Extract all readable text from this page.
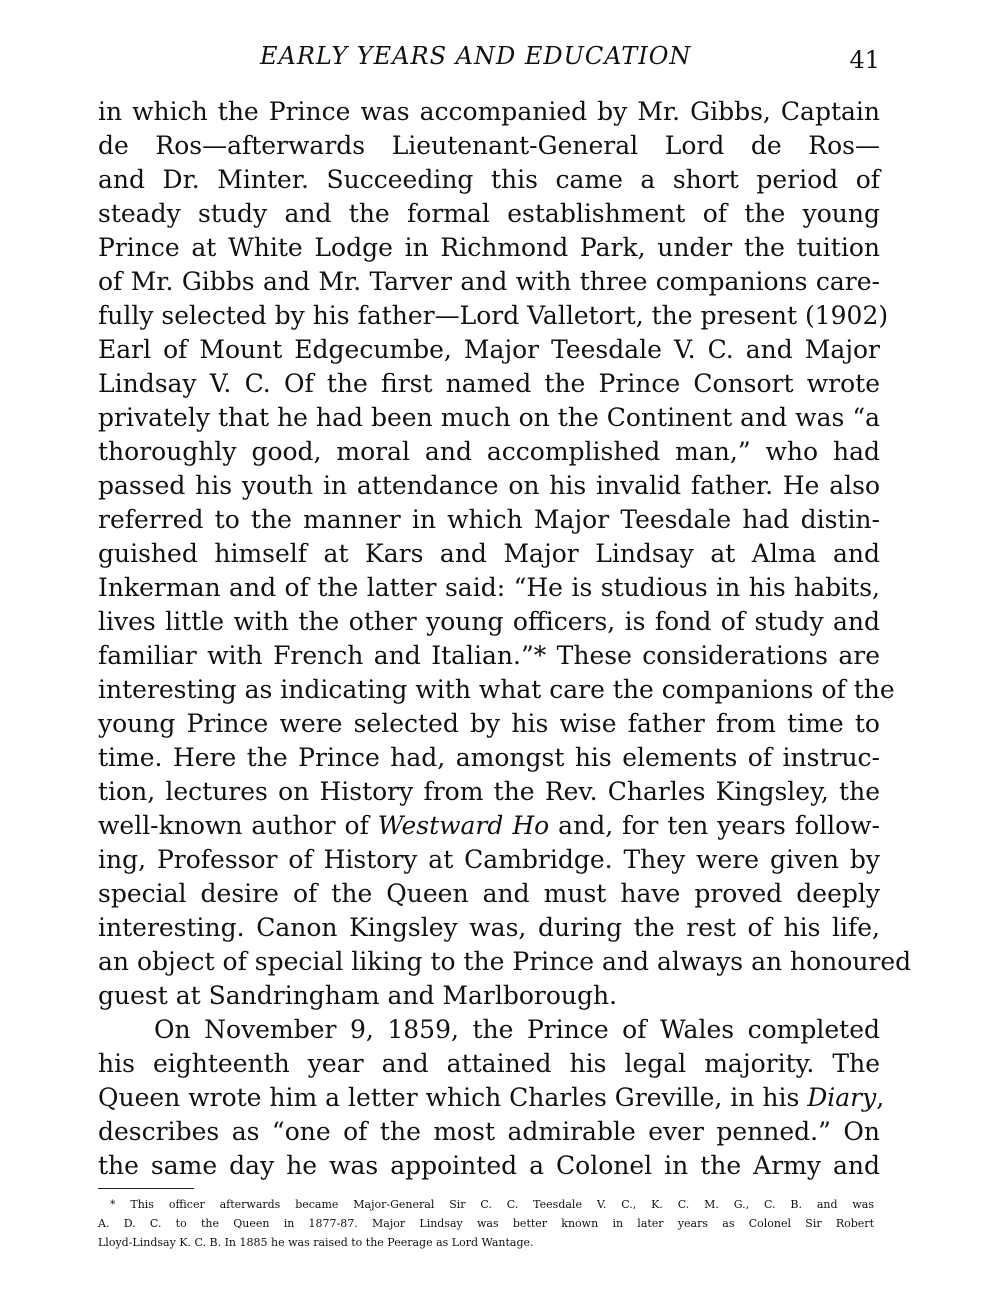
EARLY YEARS AND EDUCATION	41
in which the Prince was accompanied by Mr. Gibbs, Captain
de Ros—afterwards Lieutenant-General Lord de Ros—
and Dr. Minter. Succeeding this came a short period of
steady study and the formal establishment of the young
Prince at White Lodge in Richmond Park, under the tuition
of Mr. Gibbs and Mr. Tarver and with three companions care-
fully selected by his father—Lord Valletort, the present (1902)
Earl of Mount Edgecumbe, Major Teesdale V. C. and Major
Lindsay V. C. Of the first named the Prince Consort wrote
privately that he had been much on the Continent and was “a
thoroughly good, moral and accomplished man,” who had
passed his youth in attendance on his invalid father. He also
referred to the manner in which Major Teesdale had distin-
guished himself at Kars and Major Lindsay at Alma and
Inkerman and of the latter said: “He is studious in his habits,
lives little with the other young officers, is fond of study and
familiar with French and Italian.”* These considerations are
interesting as indicating with what care the companions of the
young Prince were selected by his wise father from time to
time. Here the Prince had, amongst his elements of instruc-
tion, lectures on History from the Rev. Charles Kingsley, the
well-known author of Westward Ho and, for ten years follow-
ing, Professor of History at Cambridge. They were given by
special desire of the Queen and must have proved deeply
interesting. Canon Kingsley was, during the rest of his life,
an object of special liking to the Prince and always an honoured
guest at Sandringham and Marlborough.
On November 9, 1859, the Prince of Wales completed
his eighteenth year and attained his legal majority. The
Queen wrote him a letter which Charles Greville, in his Diary,
describes as “one of the most admirable ever penned.” On
the same day he was appointed a Colonel in the Army and
* This officer afterwards became Major-General Sir C. C. Teesdale V. C., K. C. M. G., C. B. and was
A. D. C. to the Queen in 1877-87. Major Lindsay was better known in later years as Colonel Sir Robert
Lloyd-Lindsay K. C. B. In 1885 he was raised to the Peerage as Lord Wantage.
